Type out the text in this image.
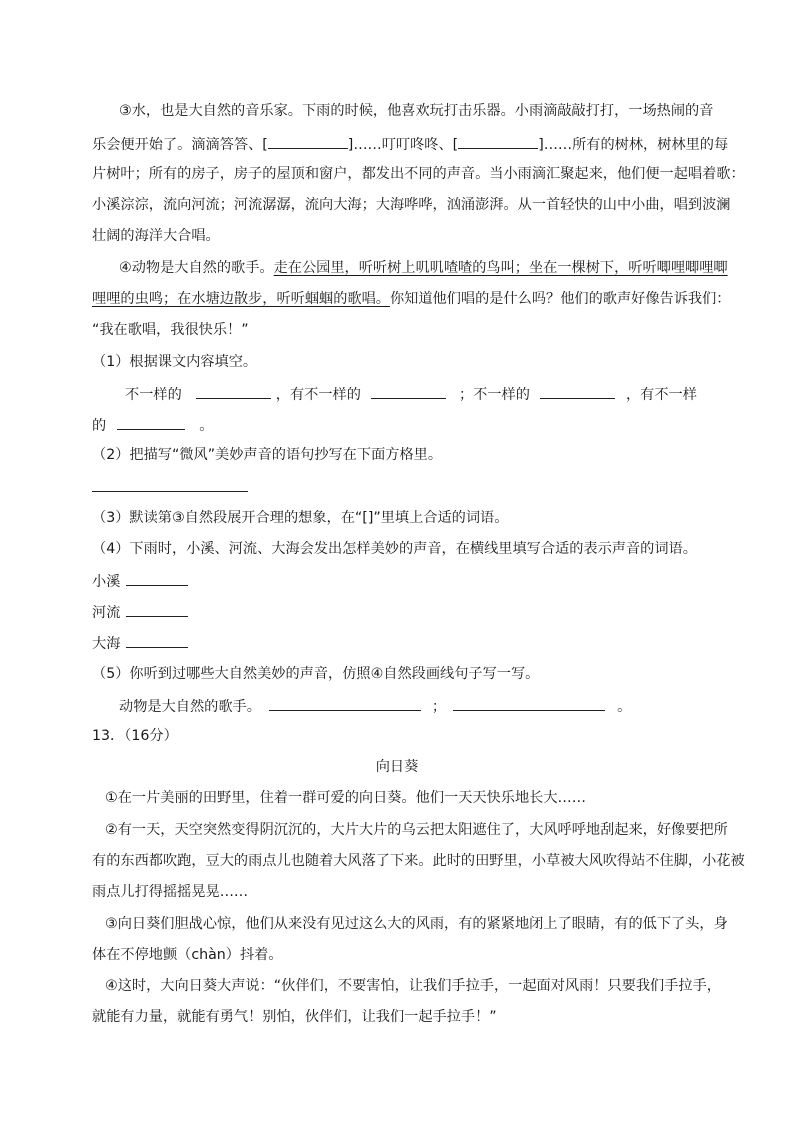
③水，也是大自然的音乐家。下雨的时候，他喜欢玩打击乐器。小雨滴敲敲打打，一场热闹的音
乐会便开始了。滴滴答答、[	]……叮叮咚咚、[	]……所有的树林，树林里的每
片树叶；所有的房子，房子的屋顶和窗户，都发出不同的声音。当小雨滴汇聚起来，他们便一起唱着歌：
小溪淙淙，流向河流；河流潺潺，流向大海；大海哗哗，汹涌澎湃。从一首轻快的山中小曲，唱到波澜
壮阔的海洋大合唱。
④动物是大自然的歌手。走在公园里，听听树上叽叽喳喳的鸟叫；坐在一棵树下，听听唧哩唧哩唧
哩哩的虫鸣；在水塘边散步，听听蝈蝈的歌唱。你知道他们唱的是什么吗？他们的歌声好像告诉我们：
“我在歌唱，我很快乐！”
（1）根据课文内容填空。
不一样的	，有不一样的	；不一样的	，有不一样
的	。
（2）把描写“微风”美妙声音的语句抄写在下面方格里。
（3）默读第③自然段展开合理的想象，在“[]”里填上合适的词语。
（4）下雨时，小溪、河流、大海会发出怎样美妙的声音，在横线里填写合适的表示声音的词语。
小溪
河流
大海
（5）你听到过哪些大自然美妙的声音，仿照④自然段画线句子写一写。
动物是大自然的歌手。	；	。
13．（16分）
向日葵
①在一片美丽的田野里，住着一群可爱的向日葵。他们一天天快乐地长大……
②有一天，天空突然变得阴沉沉的，大片大片的乌云把太阳遮住了，大风呼呼地刮起来，好像要把所
有的东西都吹跑，豆大的雨点儿也随着大风落了下来。此时的田野里，小草被大风吹得站不住脚，小花被
雨点儿打得摇摇晃晃……
③向日葵们胆战心惊，他们从来没有见过这么大的风雨，有的紧紧地闭上了眼睛，有的低下了头，身
体在不停地颤（chàn）抖着。
④这时，大向日葵大声说：“伙伴们，不要害怕，让我们手拉手，一起面对风雨！只要我们手拉手，
就能有力量，就能有勇气！别怕，伙伴们，让我们一起手拉手！”
